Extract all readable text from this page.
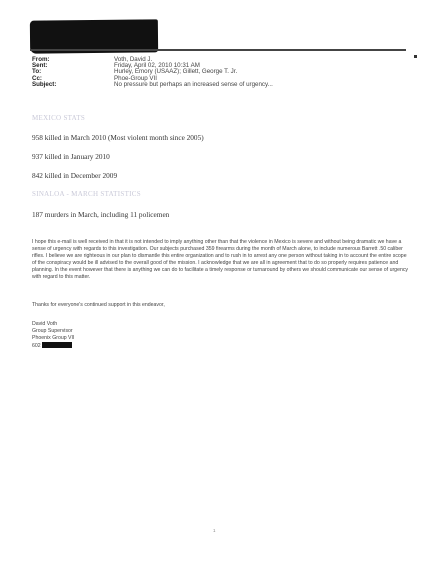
From:	Voth, David J.
Sent:	Friday, April 02, 2010 10:31 AM
To:	Hurley, Emory (USAAZ); Gillett, George T. Jr.
Cc:	Phoe-Group VII
Subject:	No pressure but perhaps an increased sense of urgency...
MEXICO STATS
958 killed in March 2010 (Most violent month since 2005)
937 killed in January 2010
842 killed in December 2009
SINALOA - MARCH STATISTICS
187 murders in March, including 11 policemen
I hope this e-mail is well received in that it is not intended to imply anything other than that the violence in Mexico is severe and without being dramatic we have a sense of urgency with regards to this investigation. Our subjects purchased 359 firearms during the month of March alone, to include numerous Barrett .50 caliber rifles. I believe we are righteous in our plan to dismantle this entire organization and to rush in to arrest any one person without taking in to account the entire scope of the conspiracy would be ill advised to the overall good of the mission. I acknowledge that we are all in agreement that to do so properly requires patience and planning. In the event however that there is anything we can do to facilitate a timely response or turnaround by others we should communicate our sense of urgency with regard to this matter.
Thanks for everyone's continued support in this endeavor,
David Voth
Group Supervisor
Phoenix Group VII
602
1
